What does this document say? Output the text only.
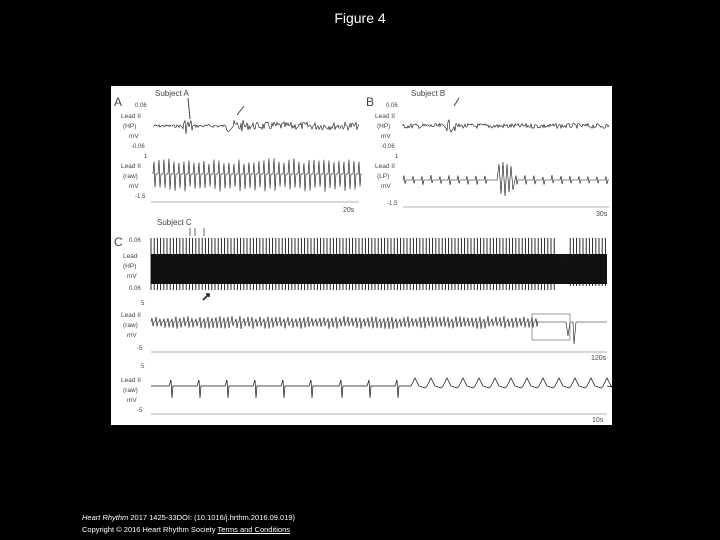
Figure 4
A
Subject A
0.06
Lead II
(HP)
mV
-0.06
1
Lead II
(raw)
mV
-1.5
20s
B
Subject B
0.06
Lead II
(HP)
mV
-0.06
1
Lead II
(LP)
mV
-1.5
30s
C
Subject C
0.06
Lead
(HP)
mV
0.06
5
Lead II
(raw)
mV
-5
120s
5
Lead II
(raw)
mV
-5
10s
Heart Rhythm 2017 1425-33DOI: (10.1016/j.hrthm.2016.09.019)
Copyright © 2016 Heart Rhythm Society Terms and Conditions
